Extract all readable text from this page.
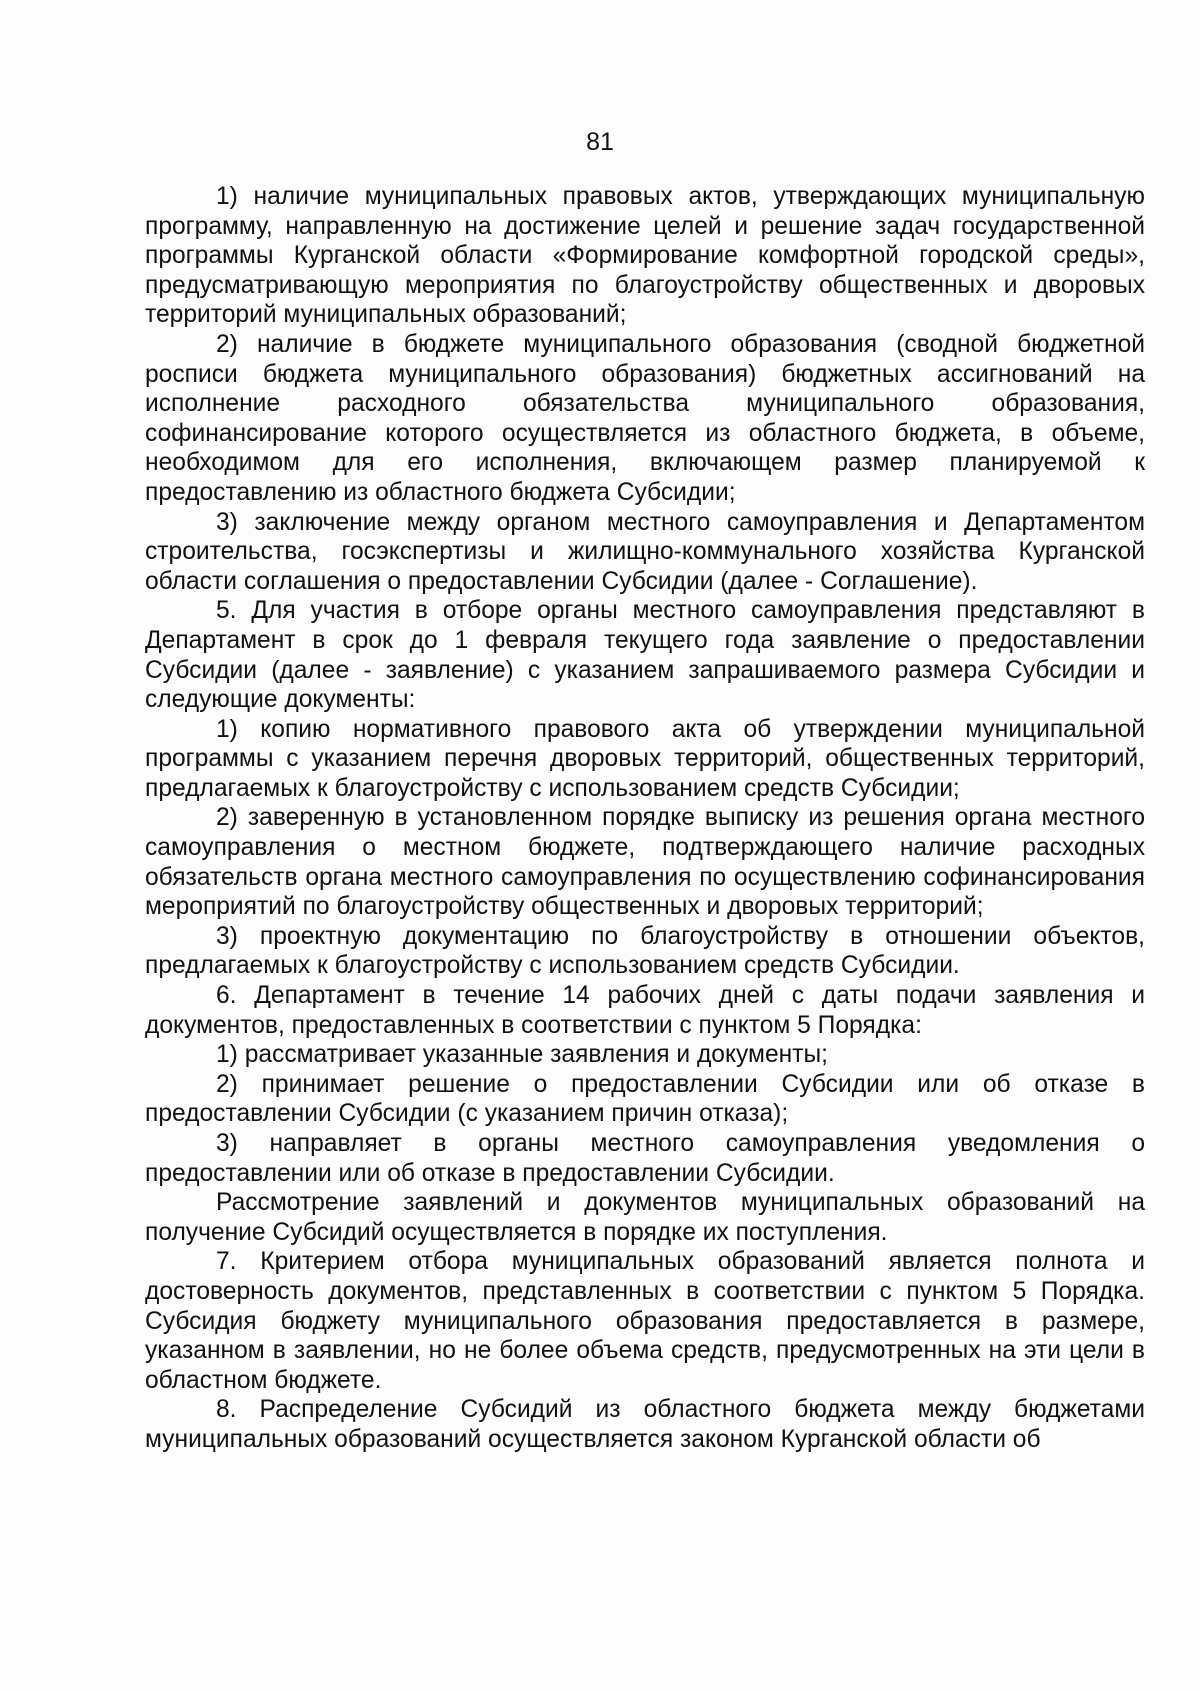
81

1) наличие муниципальных правовых актов, утверждающих муниципальную программу, направленную на достижение целей и решение задач государственной программы Курганской области «Формирование комфортной городской среды», предусматривающую мероприятия по благоустройству общественных и дворовых территорий муниципальных образований;

2) наличие в бюджете муниципального образования (сводной бюджетной росписи бюджета муниципального образования) бюджетных ассигнований на исполнение расходного обязательства муниципального образования, софинансирование которого осуществляется из областного бюджета, в объеме, необходимом для его исполнения, включающем размер планируемой к предоставлению из областного бюджета Субсидии;

3) заключение между органом местного самоуправления и Департаментом строительства, госэкспертизы и жилищно-коммунального хозяйства Курганской области соглашения о предоставлении Субсидии (далее - Соглашение).

5. Для участия в отборе органы местного самоуправления представляют в Департамент в срок до 1 февраля текущего года заявление о предоставлении Субсидии (далее - заявление) с указанием запрашиваемого размера Субсидии и следующие документы:

1) копию нормативного правового акта об утверждении муниципальной программы с указанием перечня дворовых территорий, общественных территорий, предлагаемых к благоустройству с использованием средств Субсидии;

2) заверенную в установленном порядке выписку из решения органа местного самоуправления о местном бюджете, подтверждающего наличие расходных обязательств органа местного самоуправления по осуществлению софинансирования мероприятий по благоустройству общественных и дворовых территорий;

3) проектную документацию по благоустройству в отношении объектов, предлагаемых к благоустройству с использованием средств Субсидии.

6. Департамент в течение 14 рабочих дней с даты подачи заявления и документов, предоставленных в соответствии с пунктом 5 Порядка:

1) рассматривает указанные заявления и документы;

2) принимает решение о предоставлении Субсидии или об отказе в предоставлении Субсидии (с указанием причин отказа);

3) направляет в органы местного самоуправления уведомления о предоставлении или об отказе в предоставлении Субсидии.

Рассмотрение заявлений и документов муниципальных образований на получение Субсидий осуществляется в порядке их поступления.

7. Критерием отбора муниципальных образований является полнота и достоверность документов, представленных в соответствии с пунктом 5 Порядка. Субсидия бюджету муниципального образования предоставляется в размере, указанном в заявлении, но не более объема средств, предусмотренных на эти цели в областном бюджете.

8. Распределение Субсидий из областного бюджета между бюджетами муниципальных образований осуществляется законом Курганской области об
